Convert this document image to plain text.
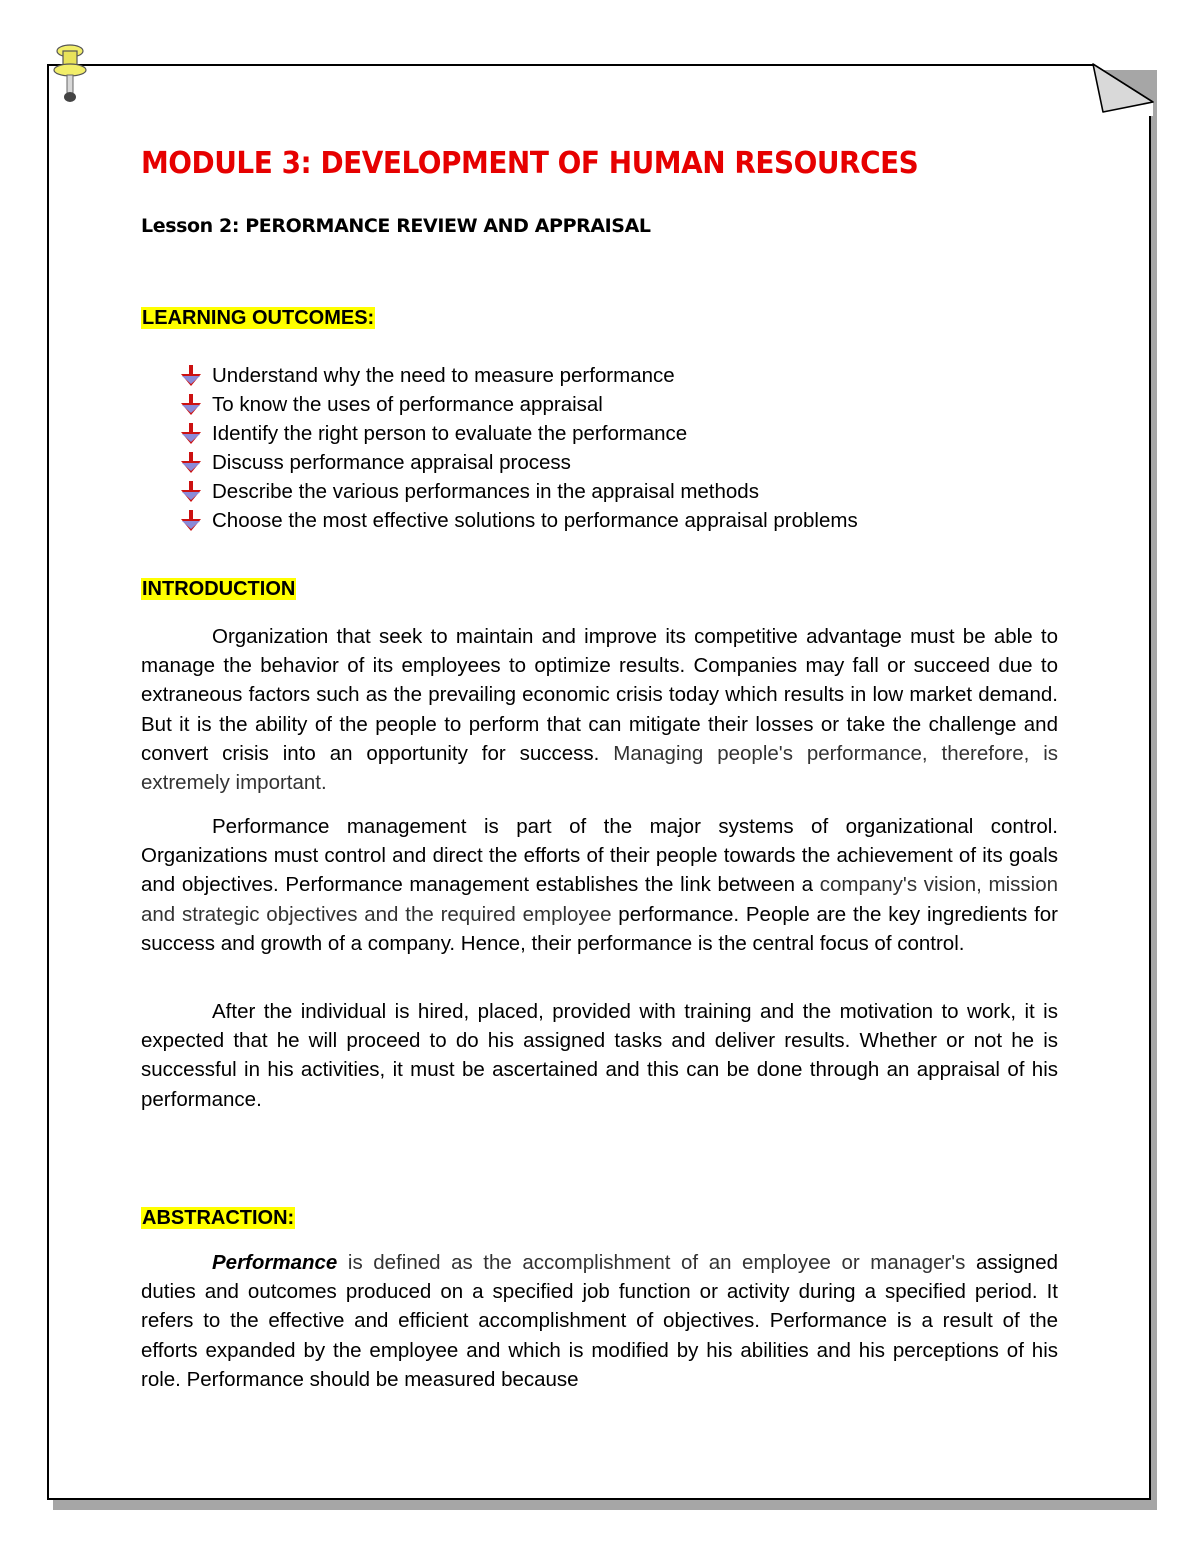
MODULE 3: DEVELOPMENT OF HUMAN RESOURCES
Lesson 2: PERORMANCE REVIEW AND APPRAISAL
LEARNING OUTCOMES:
Understand why the need to measure performance
To know the uses of performance appraisal
Identify the right person to evaluate the performance
Discuss performance appraisal process
Describe the various performances in the appraisal methods
Choose the most effective solutions to performance appraisal problems
INTRODUCTION

Organization that seek to maintain and improve its competitive advantage must be able to manage the behavior of its employees to optimize results. Companies may fall or succeed due to extraneous factors such as the prevailing economic crisis today which results in low market demand. But it is the ability of the people to perform that can mitigate their losses or take the challenge and convert crisis into an opportunity for success. Managing people's performance, therefore, is extremely important.

Performance management is part of the major systems of organizational control. Organizations must control and direct the efforts of their people towards the achievement of its goals and objectives. Performance management establishes the link between a company's vision, mission and strategic objectives and the required employee performance. People are the key ingredients for success and growth of a company. Hence, their performance is the central focus of control.

After the individual is hired, placed, provided with training and the motivation to work, it is expected that he will proceed to do his assigned tasks and deliver results. Whether or not he is successful in his activities, it must be ascertained and this can be done through an appraisal of his performance.

ABSTRACTION:

Performance is defined as the accomplishment of an employee or manager's assigned duties and outcomes produced on a specified job function or activity during a specified period. It refers to the effective and efficient accomplishment of objectives. Performance is a result of the efforts expanded by the employee and which is modified by his abilities and his perceptions of his role. Performance should be measured because
